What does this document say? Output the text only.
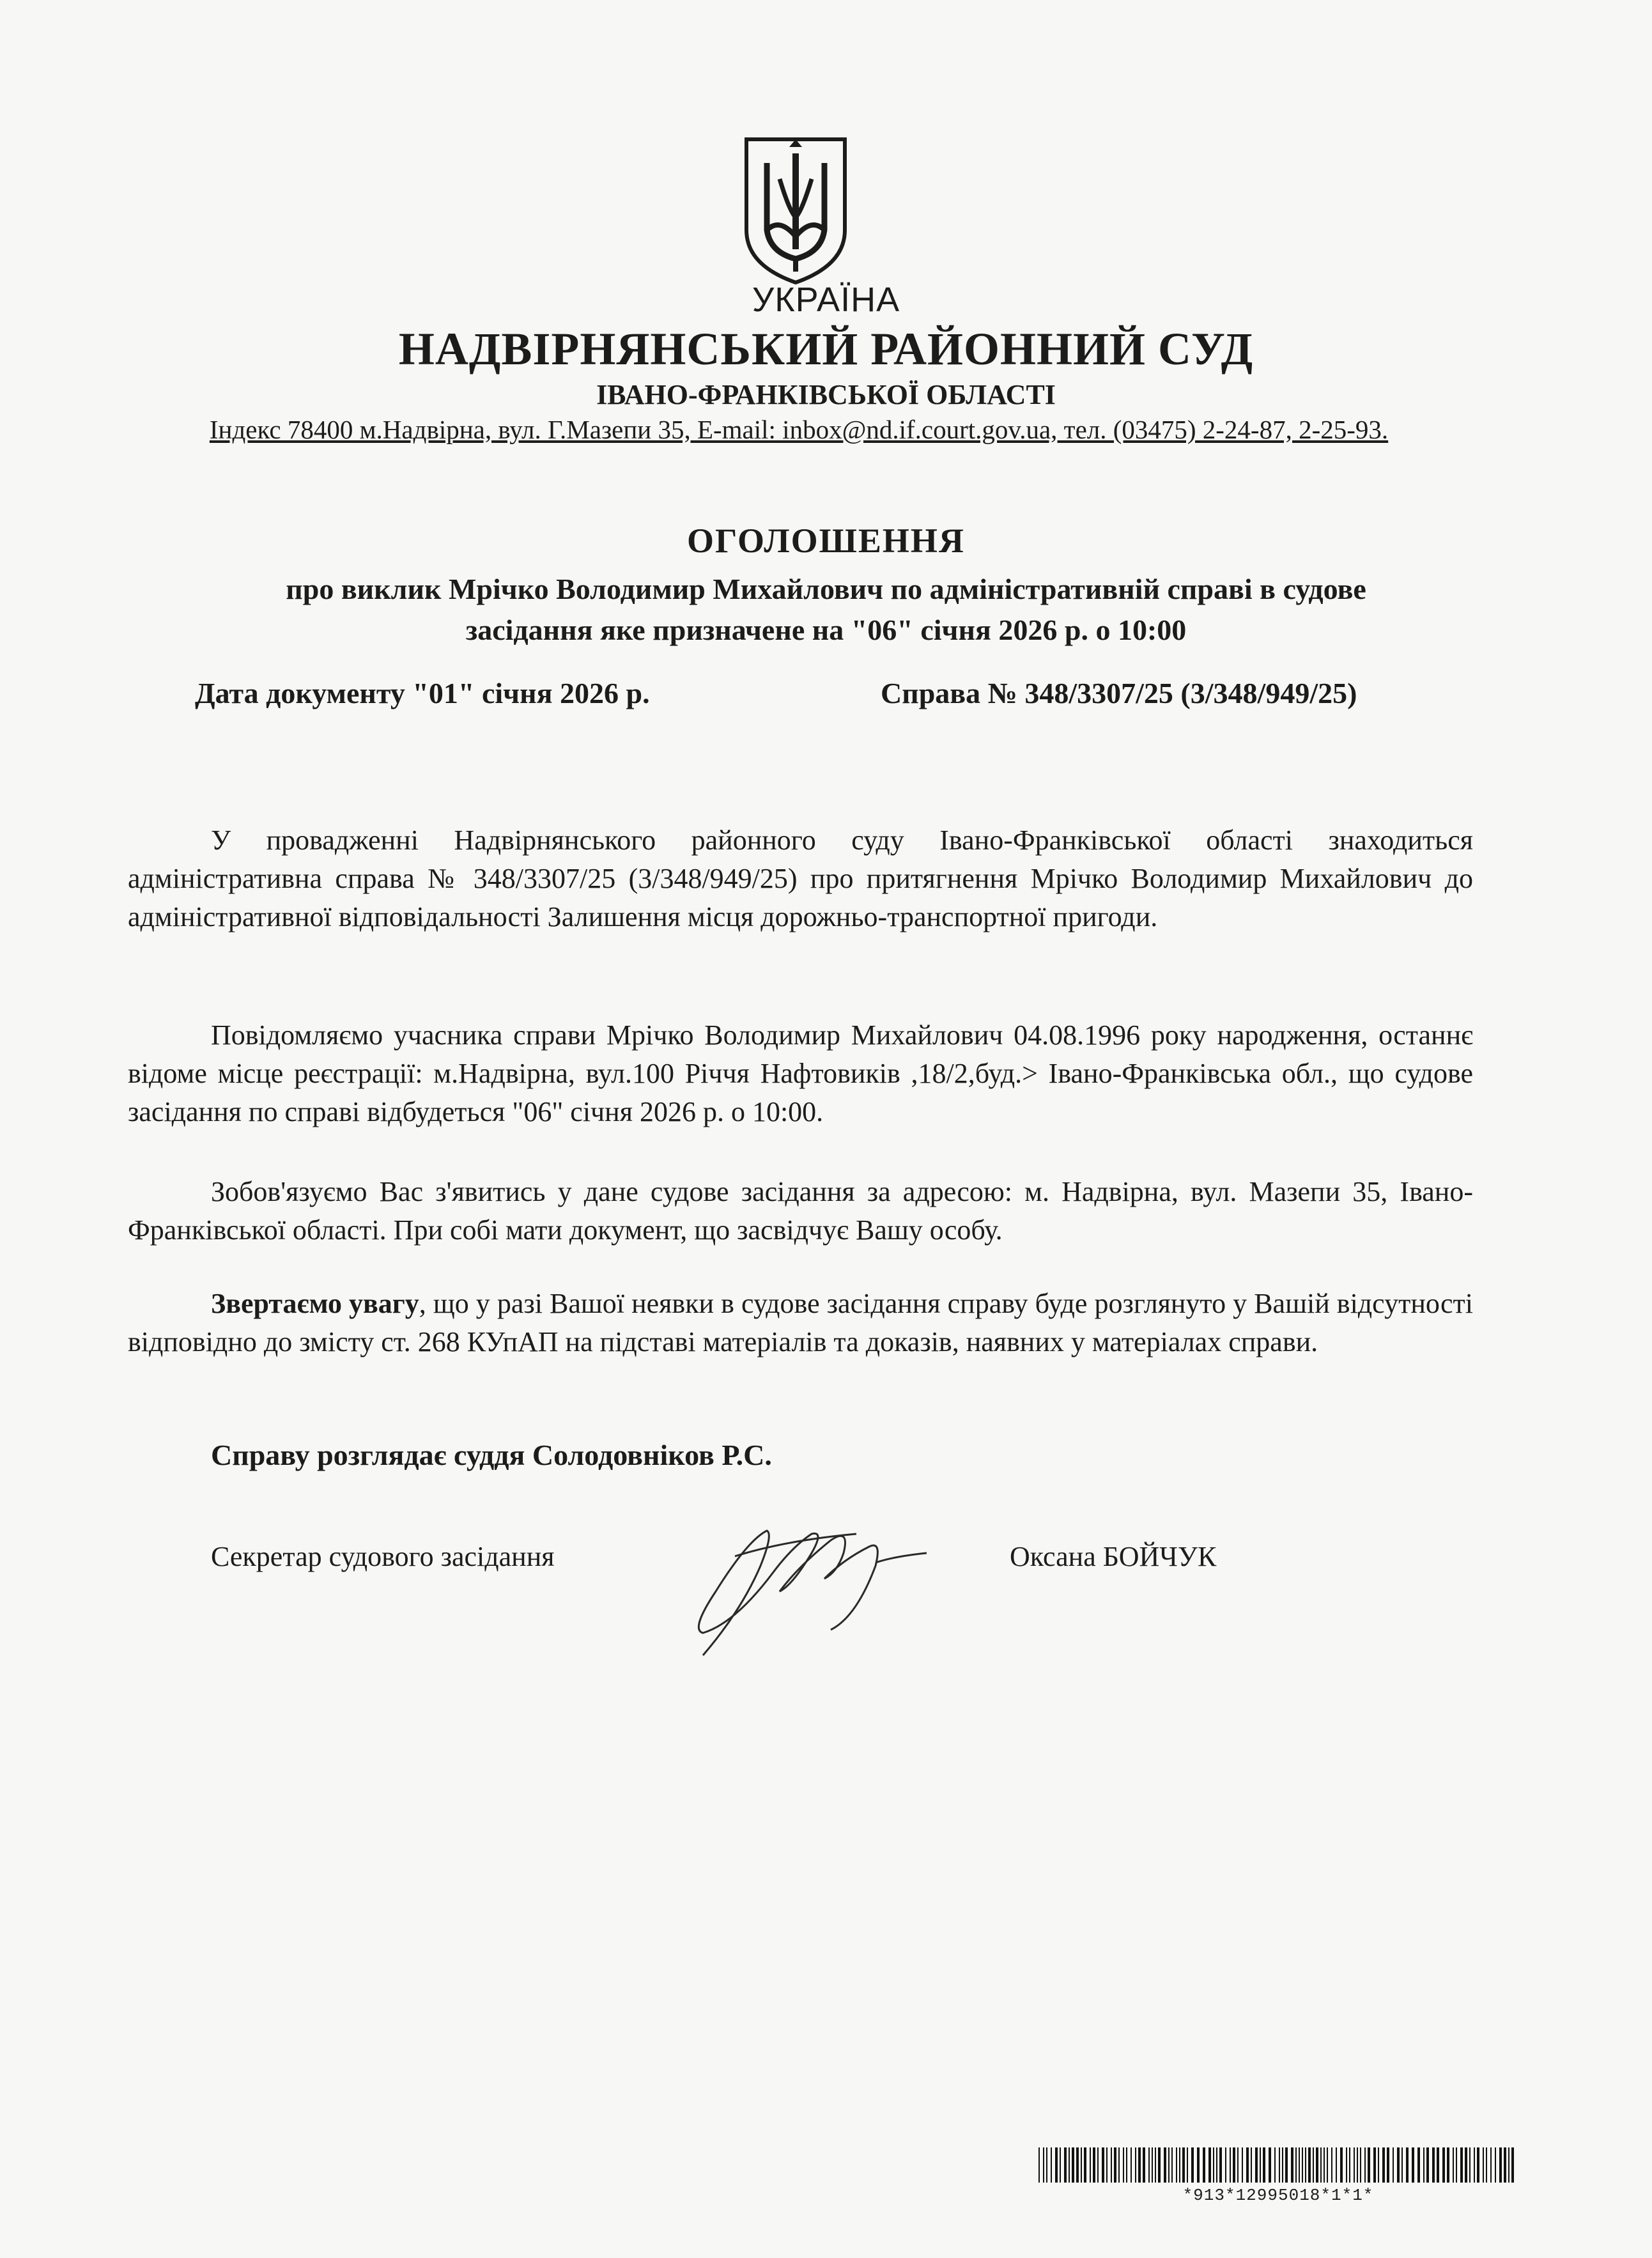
УКРАЇНА
НАДВІРНЯНСЬКИЙ РАЙОННИЙ СУД
ІВАНО-ФРАНКІВСЬКОЇ ОБЛАСТІ
Індекс 78400 м.Надвірна, вул. Г.Мазепи 35, E-mail: inbox@nd.if.court.gov.ua, тел. (03475) 2-24-87, 2-25-93.
ОГОЛОШЕННЯ
про виклик Мрічко Володимир Михайлович по адміністративній справі в судове
засідання яке призначене на "06" січня 2026 р. о 10:00
Дата документу "01" січня 2026 р.	Справа № 348/3307/25 (3/348/949/25)
У провадженні Надвірнянського районного суду Івано-Франківської області знаходиться адміністративна справа № 348/3307/25 (3/348/949/25) про притягнення Мрічко Володимир Михайлович до адміністративної відповідальності Залишення місця дорожньо-транспортної пригоди.
Повідомляємо учасника справи Мрічко Володимир Михайлович 04.08.1996 року народження, останнє відоме місце реєстрації: м.Надвірна, вул.100 Річчя Нафтовиків ,18/2,буд.> Івано-Франківська обл., що судове засідання по справі відбудеться "06" січня 2026 р. о 10:00.
Зобов'язуємо Вас з'явитись у дане судове засідання за адресою: м. Надвірна, вул. Мазепи 35, Івано-Франківської області. При собі мати документ, що засвідчує Вашу особу.
Звертаємо увагу, що у разі Вашої неявки в судове засідання справу буде розглянуто у Вашій відсутності відповідно до змісту ст. 268 КУпАП на підставі матеріалів та доказів, наявних у матеріалах справи.
Справу розглядає суддя Солодовніков Р.С.
Секретар судового засідання	Оксана БОЙЧУК
*913*12995018*1*1*
